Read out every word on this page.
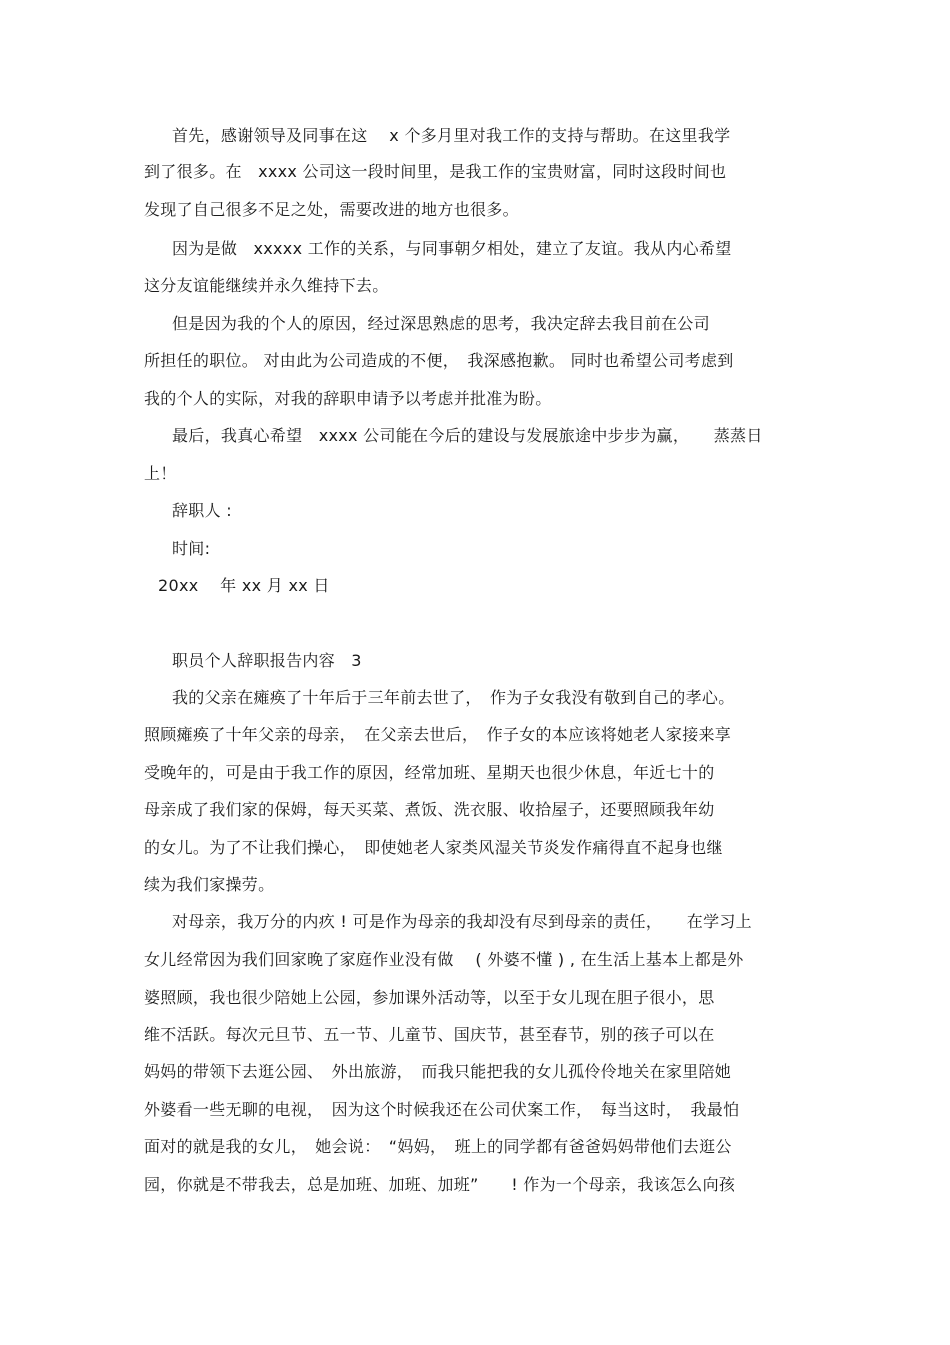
首先，感谢领导及同事在这　 x 个多月里对我工作的支持与帮助。在这里我学

到了很多。在　xxxx 公司这一段时间里，是我工作的宝贵财富，同时这段时间也

发现了自己很多不足之处，需要改进的地方也很多。

因为是做　xxxxx 工作的关系，与同事朝夕相处，建立了友谊。我从内心希望

这分友谊能继续并永久维持下去。

但是因为我的个人的原因，经过深思熟虑的思考，我决定辞去我目前在公司

所担任的职位。 对由此为公司造成的不便，　我深感抱歉。 同时也希望公司考虑到

我的个人的实际，对我的辞职申请予以考虑并批准为盼。

最后，我真心希望　xxxx 公司能在今后的建设与发展旅途中步步为赢，　　蒸蒸日

上！

辞职人 :

时间:

20xx　 年 xx 月 xx 日

职员个人辞职报告内容　3

我的父亲在瘫痪了十年后于三年前去世了，　作为子女我没有敬到自己的孝心。

照顾瘫痪了十年父亲的母亲，　在父亲去世后，　作子女的本应该将她老人家接来享

受晚年的，可是由于我工作的原因，经常加班、星期天也很少休息，年近七十的

母亲成了我们家的保姆，每天买菜、煮饭、洗衣服、收拾屋子，还要照顾我年幼

的女儿。为了不让我们操心，　即使她老人家类风湿关节炎发作痛得直不起身也继

续为我们家操劳。

对母亲，我万分的内疚 ! 可是作为母亲的我却没有尽到母亲的责任，　　在学习上

女儿经常因为我们回家晚了家庭作业没有做　 ( 外婆不懂 ) , 在生活上基本上都是外

婆照顾，我也很少陪她上公园，参加课外活动等，以至于女儿现在胆子很小，思

维不活跃。每次元旦节、五一节、儿童节、国庆节，甚至春节，别的孩子可以在

妈妈的带领下去逛公园、　外出旅游，　而我只能把我的女儿孤伶伶地关在家里陪她

外婆看一些无聊的电视，　因为这个时候我还在公司伏案工作，　每当这时，　我最怕

面对的就是我的女儿，　她会说：　“妈妈，　班上的同学都有爸爸妈妈带他们去逛公

园，你就是不带我去，总是加班、加班、加班”　　! 作为一个母亲，我该怎么向孩
